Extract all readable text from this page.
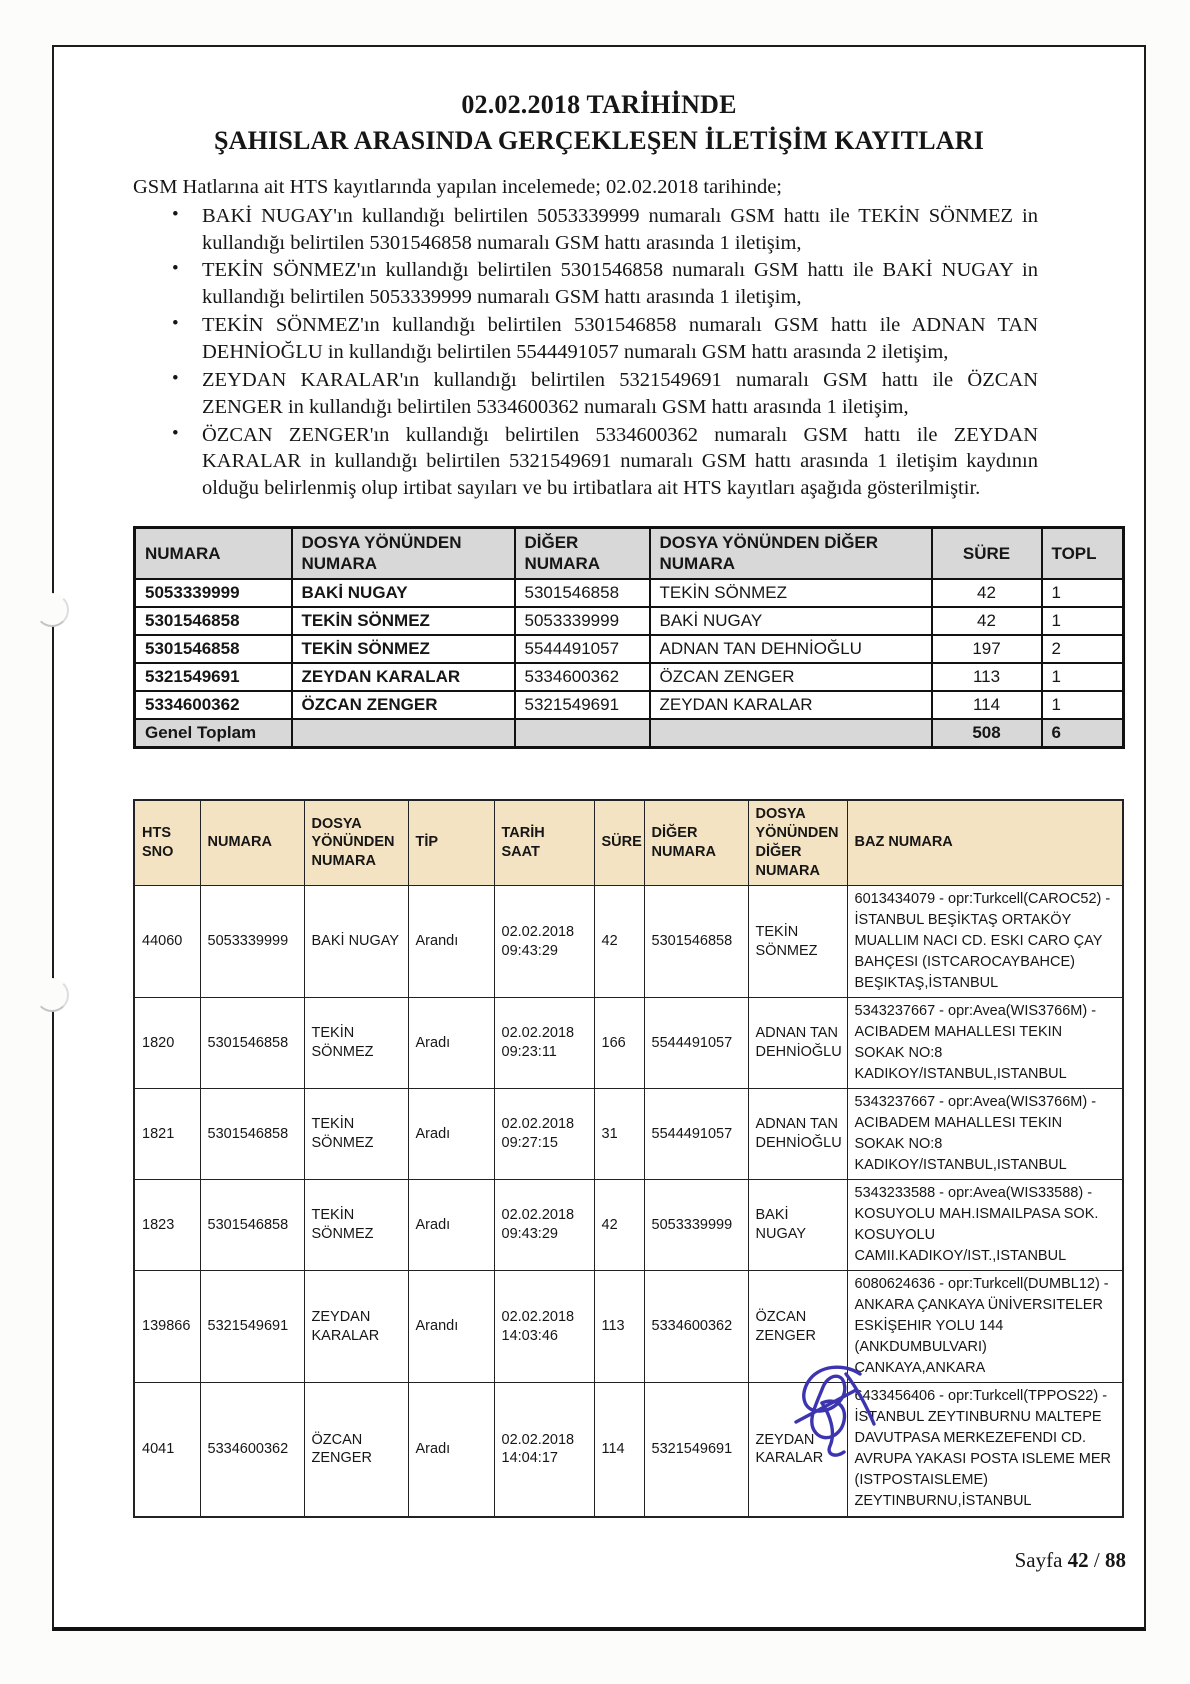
02.02.2018 TARİHİNDE
ŞAHISLAR ARASINDA GERÇEKLEŞEN İLETİŞİM KAYITLARI
GSM Hatlarına ait HTS kayıtlarında yapılan incelemede; 02.02.2018 tarihinde;
• BAKİ NUGAY'ın kullandığı belirtilen 5053339999 numaralı GSM hattı ile TEKİN SÖNMEZ in kullandığı belirtilen 5301546858 numaralı GSM hattı arasında 1 iletişim,
• TEKİN SÖNMEZ'ın kullandığı belirtilen 5301546858 numaralı GSM hattı ile BAKİ NUGAY in kullandığı belirtilen 5053339999 numaralı GSM hattı arasında 1 iletişim,
• TEKİN SÖNMEZ'ın kullandığı belirtilen 5301546858 numaralı GSM hattı ile ADNAN TAN DEHNİOĞLU in kullandığı belirtilen 5544491057 numaralı GSM hattı arasında 2 iletişim,
• ZEYDAN KARALAR'ın kullandığı belirtilen 5321549691 numaralı GSM hattı ile ÖZCAN ZENGER in kullandığı belirtilen 5334600362 numaralı GSM hattı arasında 1 iletişim,
• ÖZCAN ZENGER'ın kullandığı belirtilen 5334600362 numaralı GSM hattı ile ZEYDAN KARALAR in kullandığı belirtilen 5321549691 numaralı GSM hattı arasında 1 iletişim kaydının olduğu belirlenmiş olup irtibat sayıları ve bu irtibatlara ait HTS kayıtları aşağıda gösterilmiştir.
NUMARA	DOSYA YÖNÜNDEN NUMARA	DİĞER NUMARA	DOSYA YÖNÜNDEN DİĞER NUMARA	SÜRE	TOPL
5053339999	BAKİ NUGAY	5301546858	TEKİN SÖNMEZ	42	1
5301546858	TEKİN SÖNMEZ	5053339999	BAKİ NUGAY	42	1
5301546858	TEKİN SÖNMEZ	5544491057	ADNAN TAN DEHNİOĞLU	197	2
5321549691	ZEYDAN KARALAR	5334600362	ÖZCAN ZENGER	113	1
5334600362	ÖZCAN ZENGER	5321549691	ZEYDAN KARALAR	114	1
Genel Toplam				508	6
HTS SNO	NUMARA	DOSYA YÖNÜNDEN NUMARA	TİP	TARİH SAAT	SÜRE	DİĞER NUMARA	DOSYA YÖNÜNDEN DİĞER NUMARA	BAZ NUMARA
44060	5053339999	BAKİ NUGAY	Arandı	02.02.2018 09:43:29	42	5301546858	TEKİN SÖNMEZ	6013434079 - opr:Turkcell(CAROC52) - İSTANBUL BEŞİKTAŞ ORTAKÖY MUALLIM NACI CD. ESKI CARO ÇAY BAHÇESI (ISTCAROCAYBAHCE) BEŞIKTAŞ,İSTANBUL
1820	5301546858	TEKİN SÖNMEZ	Aradı	02.02.2018 09:23:11	166	5544491057	ADNAN TAN DEHNİOĞLU	5343237667 - opr:Avea(WIS3766M) - ACIBADEM MAHALLESI TEKIN SOKAK NO:8 KADIKOY/ISTANBUL,ISTANBUL
1821	5301546858	TEKİN SÖNMEZ	Aradı	02.02.2018 09:27:15	31	5544491057	ADNAN TAN DEHNİOĞLU	5343237667 - opr:Avea(WIS3766M) - ACIBADEM MAHALLESI TEKIN SOKAK NO:8 KADIKOY/ISTANBUL,ISTANBUL
1823	5301546858	TEKİN SÖNMEZ	Aradı	02.02.2018 09:43:29	42	5053339999	BAKİ NUGAY	5343233588 - opr:Avea(WIS33588) - KOSUYOLU MAH.ISMAILPASA SOK. KOSUYOLU CAMII.KADIKOY/IST.,ISTANBUL
139866	5321549691	ZEYDAN KARALAR	Arandı	02.02.2018 14:03:46	113	5334600362	ÖZCAN ZENGER	6080624636 - opr:Turkcell(DUMBL12) - ANKARA ÇANKAYA ÜNİVERSITELER ESKİŞEHIR YOLU 144 (ANKDUMBULVARI) ÇANKAYA,ANKARA
4041	5334600362	ÖZCAN ZENGER	Aradı	02.02.2018 14:04:17	114	5321549691	ZEYDAN KARALAR	6433456406 - opr:Turkcell(TPPOS22) - İSTANBUL ZEYTINBURNU MALTEPE DAVUTPASA MERKEZEFENDI CD. AVRUPA YAKASI POSTA ISLEME MER (ISTPOSTAISLEME) ZEYTINBURNU,İSTANBUL
Sayfa 42 / 88
